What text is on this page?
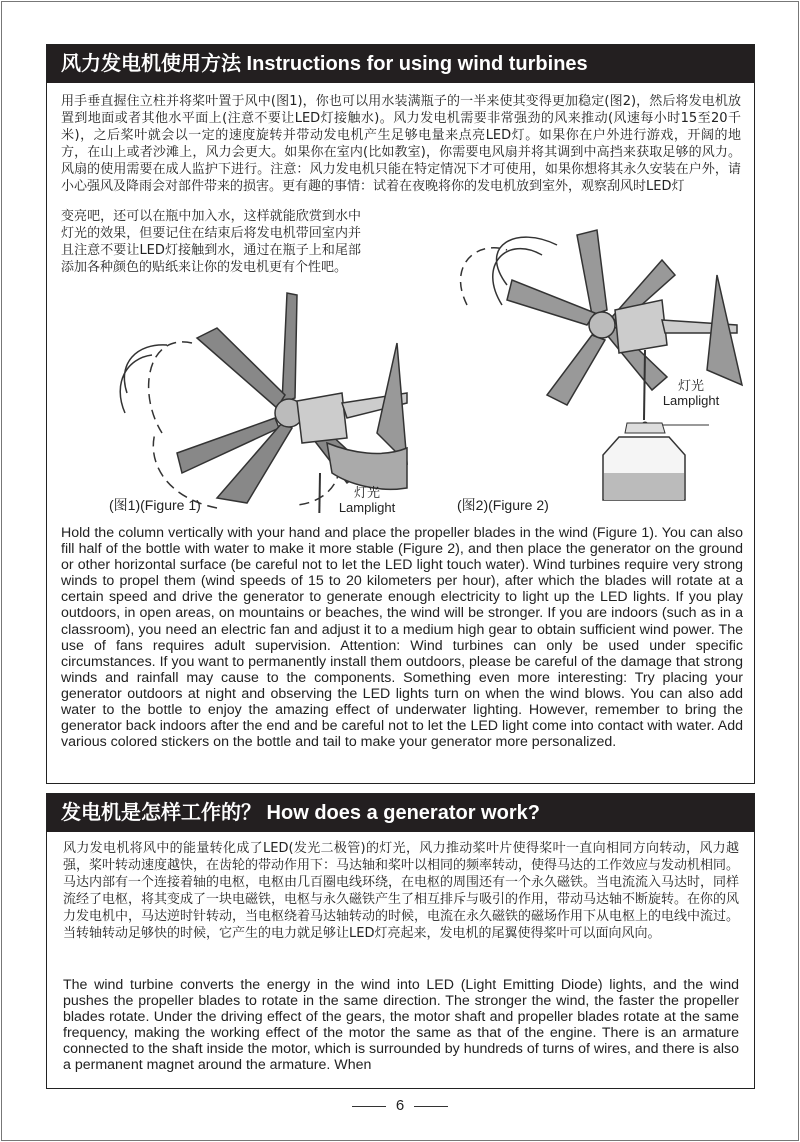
风力发电机使用方法 Instructions for using wind turbines

用手垂直握住立柱并将桨叶置于风中(图1)，你也可以用水装满瓶子的一半来使其变得更加稳定(图2)，然后将发电机放置到地面或者其他水平面上(注意不要让LED灯接触水)。风力发电机需要非常强劲的风来推动(风速每小时15至20千米)，之后桨叶就会以一定的速度旋转并带动发电机产生足够电量来点亮LED灯。如果你在户外进行游戏，开阔的地方，在山上或者沙滩上，风力会更大。如果你在室内(比如教室)，你需要电风扇并将其调到中高挡来获取足够的风力。风扇的使用需要在成人监护下进行。注意：风力发电机只能在特定情况下才可使用，如果你想将其永久安装在户外，请小心强风及降雨会对部件带来的损害。更有趣的事情：试着在夜晚将你的发电机放到室外，观察刮风时LED灯

变亮吧，还可以在瓶中加入水，这样就能欣赏到水中灯光的效果，但要记住在结束后将发电机带回室内并且注意不要让LED灯接触到水，通过在瓶子上和尾部添加各种颜色的贴纸来让你的发电机更有个性吧。

(图1)(Figure 1)
灯光
Lamplight	(图2)(Figure 2)
灯光
Lamplight

Hold the column vertically with your hand and place the propeller blades in the wind (Figure 1). You can also fill half of the bottle with water to make it more stable (Figure 2), and then place the generator on the ground or other horizontal surface (be careful not to let the LED light touch water). Wind turbines require very strong winds to propel them (wind speeds of 15 to 20 kilometers per hour), after which the blades will rotate at a certain speed and drive the generator to generate enough electricity to light up the LED lights. If you play outdoors, in open areas, on mountains or beaches, the wind will be stronger. If you are indoors (such as in a classroom), you need an electric fan and adjust it to a medium high gear to obtain sufficient wind power. The use of fans requires adult supervision. Attention: Wind turbines can only be used under specific circumstances. If you want to permanently install them outdoors, please be careful of the damage that strong winds and rainfall may cause to the components. Something even more interesting: Try placing your generator outdoors at night and observing the LED lights turn on when the wind blows. You can also add water to the bottle to enjoy the amazing effect of underwater lighting. However, remember to bring the generator back indoors after the end and be careful not to let the LED light come into contact with water. Add various colored stickers on the bottle and tail to make your generator more personalized.

发电机是怎样工作的？ How does a generator work?

风力发电机将风中的能量转化成了LED(发光二极管)的灯光，风力推动桨叶片使得桨叶一直向相同方向转动，风力越强，桨叶转动速度越快，在齿轮的带动作用下：马达轴和桨叶以相同的频率转动，使得马达的工作效应与发动机相同。马达内部有一个连接着轴的电枢，电枢由几百圈电线环绕，在电枢的周围还有一个永久磁铁。当电流流入马达时，同样流经了电枢，将其变成了一块电磁铁，电枢与永久磁铁产生了相互排斥与吸引的作用，带动马达轴不断旋转。在你的风力发电机中，马达逆时针转动，当电枢绕着马达轴转动的时候，电流在永久磁铁的磁场作用下从电枢上的电线中流过。当转轴转动足够快的时候，它产生的电力就足够让LED灯亮起来，发电机的尾翼使得桨叶可以面向风向。

The wind turbine converts the energy in the wind into LED (Light Emitting Diode) lights, and the wind pushes the propeller blades to rotate in the same direction. The stronger the wind, the faster the propeller blades rotate. Under the driving effect of the gears, the motor shaft and propeller blades rotate at the same frequency, making the working effect of the motor the same as that of the engine. There is an armature connected to the shaft inside the motor, which is surrounded by hundreds of turns of wires, and there is also a permanent magnet around the armature. When

6
